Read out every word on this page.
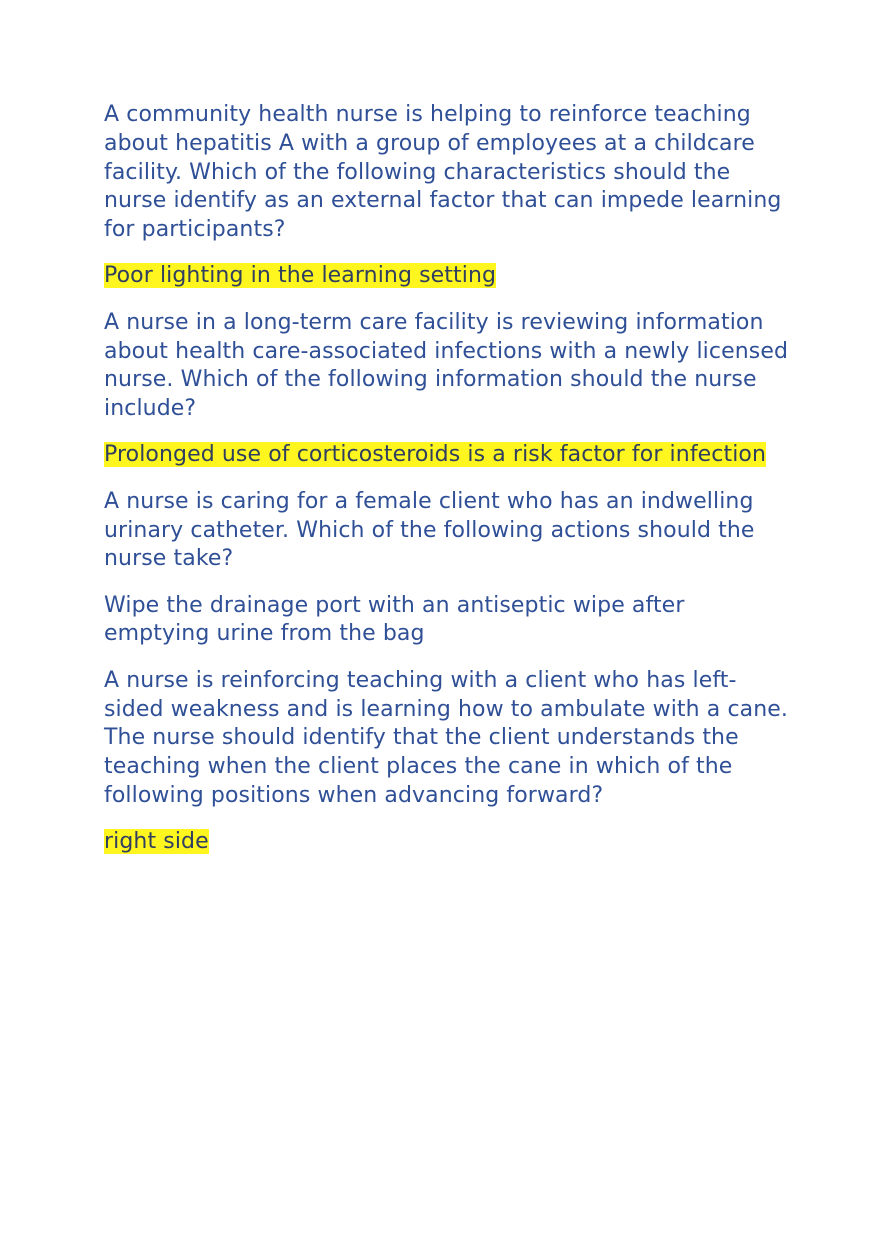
A community health nurse is helping to reinforce teaching about hepatitis A with a group of employees at a childcare facility. Which of the following characteristics should the nurse identify as an external factor that can impede learning for participants?

Poor lighting in the learning setting

A nurse in a long-term care facility is reviewing information about health care-associated infections with a newly licensed nurse. Which of the following information should the nurse include?

Prolonged use of corticosteroids is a risk factor for infection

A nurse is caring for a female client who has an indwelling urinary catheter. Which of the following actions should the nurse take?

Wipe the drainage port with an antiseptic wipe after emptying urine from the bag

A nurse is reinforcing teaching with a client who has left-sided weakness and is learning how to ambulate with a cane. The nurse should identify that the client understands the teaching when the client places the cane in which of the following positions when advancing forward?

right side
